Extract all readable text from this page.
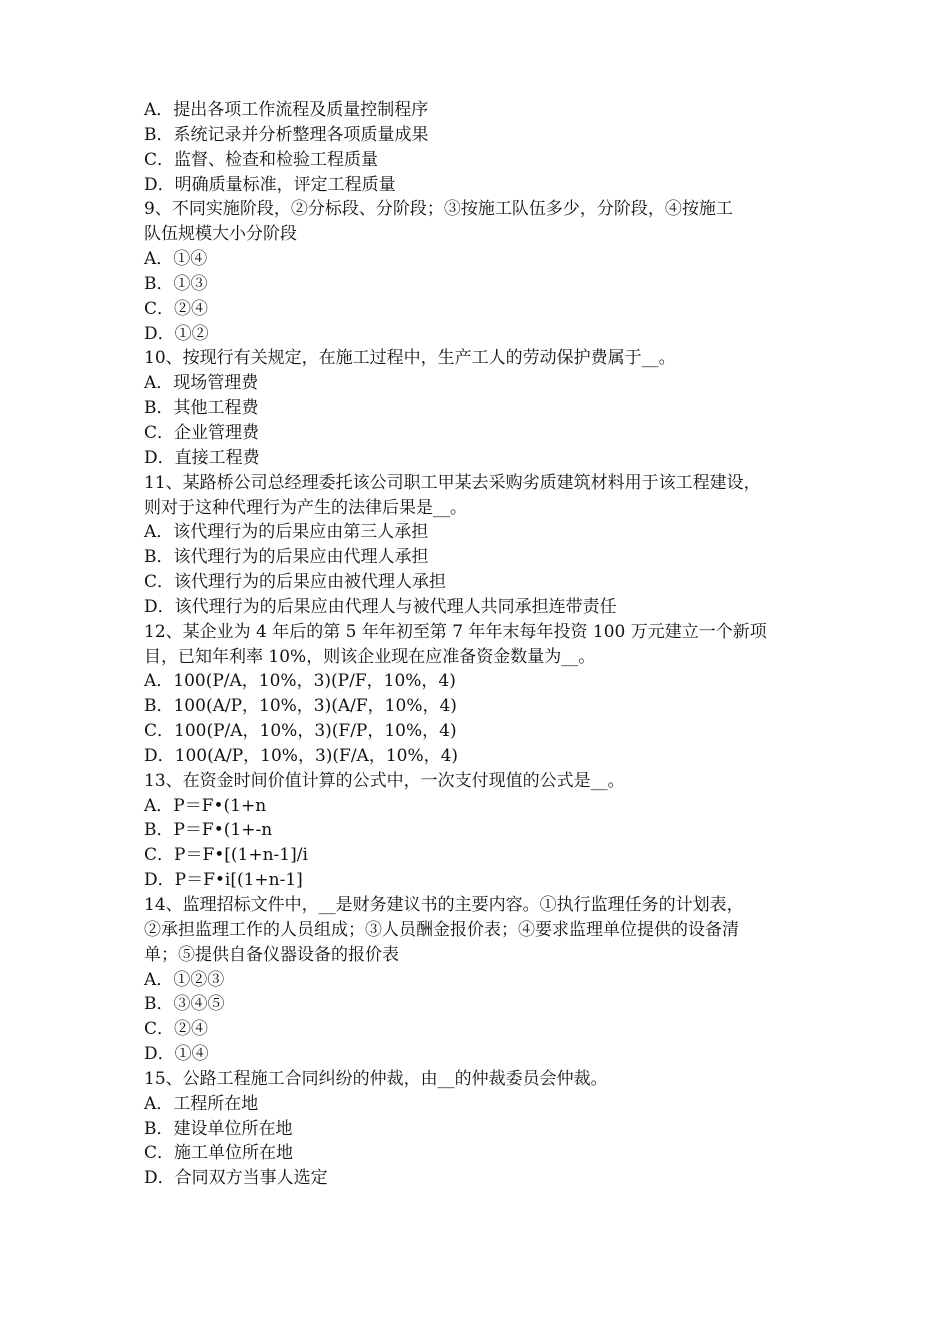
A．提出各项工作流程及质量控制程序
B．系统记录并分析整理各项质量成果
C．监督、检查和检验工程质量
D．明确质量标准，评定工程质量
9、不同实施阶段，②分标段、分阶段；③按施工队伍多少，分阶段，④按施工
队伍规模大小分阶段
A．①④
B．①③
C．②④
D．①②
10、按现行有关规定，在施工过程中，生产工人的劳动保护费属于__。
A．现场管理费
B．其他工程费
C．企业管理费
D．直接工程费
11、某路桥公司总经理委托该公司职工甲某去采购劣质建筑材料用于该工程建设，
则对于这种代理行为产生的法律后果是__。
A．该代理行为的后果应由第三人承担
B．该代理行为的后果应由代理人承担
C．该代理行为的后果应由被代理人承担
D．该代理行为的后果应由代理人与被代理人共同承担连带责任
12、某企业为 4 年后的第 5 年年初至第 7 年年末每年投资 100 万元建立一个新项
目，已知年利率 10%，则该企业现在应准备资金数量为__。
A．100(P/A，10%，3)(P/F，10%，4)
B．100(A/P，10%，3)(A/F，10%，4)
C．100(P/A，10%，3)(F/P，10%，4)
D．100(A/P，10%，3)(F/A，10%，4)
13、在资金时间价值计算的公式中，一次支付现值的公式是__。
A．P＝F•(1+n
B．P＝F•(1+-n
C．P＝F•[(1+n-1]/i
D．P＝F•i[(1+n-1]
14、监理招标文件中，__是财务建议书的主要内容。①执行监理任务的计划表，
②承担监理工作的人员组成；③人员酬金报价表；④要求监理单位提供的设备清
单；⑤提供自备仪器设备的报价表
A．①②③
B．③④⑤
C．②④
D．①④
15、公路工程施工合同纠纷的仲裁，由__的仲裁委员会仲裁。
A．工程所在地
B．建设单位所在地
C．施工单位所在地
D．合同双方当事人选定
